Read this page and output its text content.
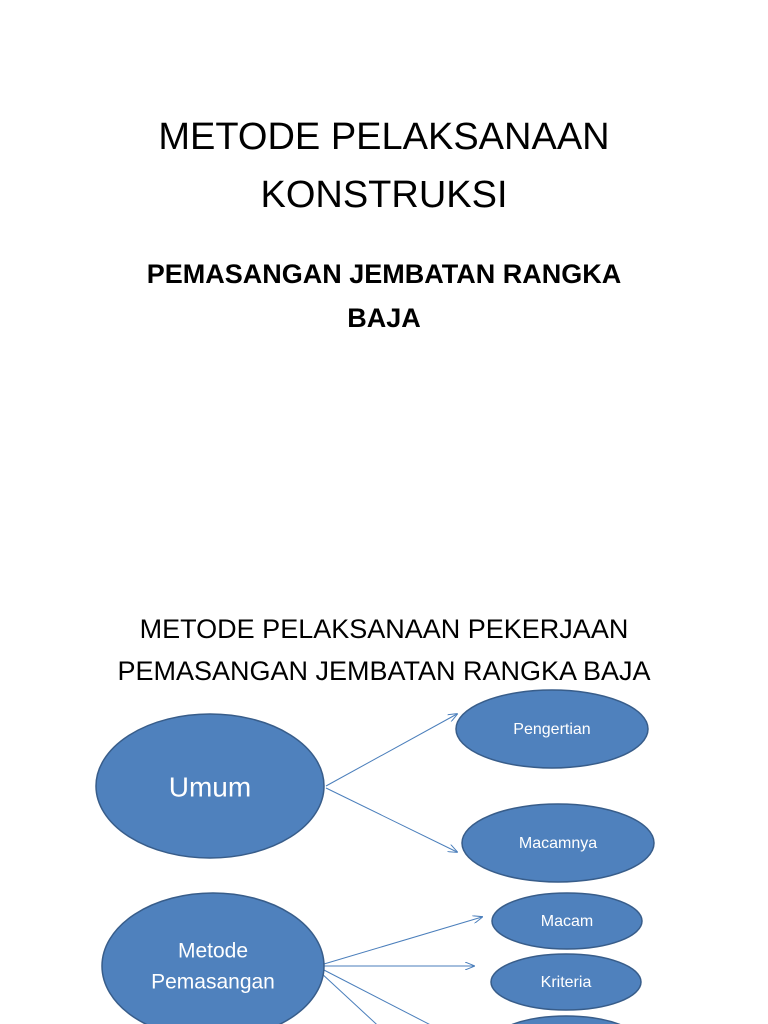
METODE PELAKSANAAN
KONSTRUKSI
PEMASANGAN JEMBATAN RANGKA
BAJA
METODE PELAKSANAAN PEKERJAAN
PEMASANGAN JEMBATAN RANGKA BAJA
Umum
Pengertian
Macamnya
Metode
Pemasangan
Macam
Kriteria
